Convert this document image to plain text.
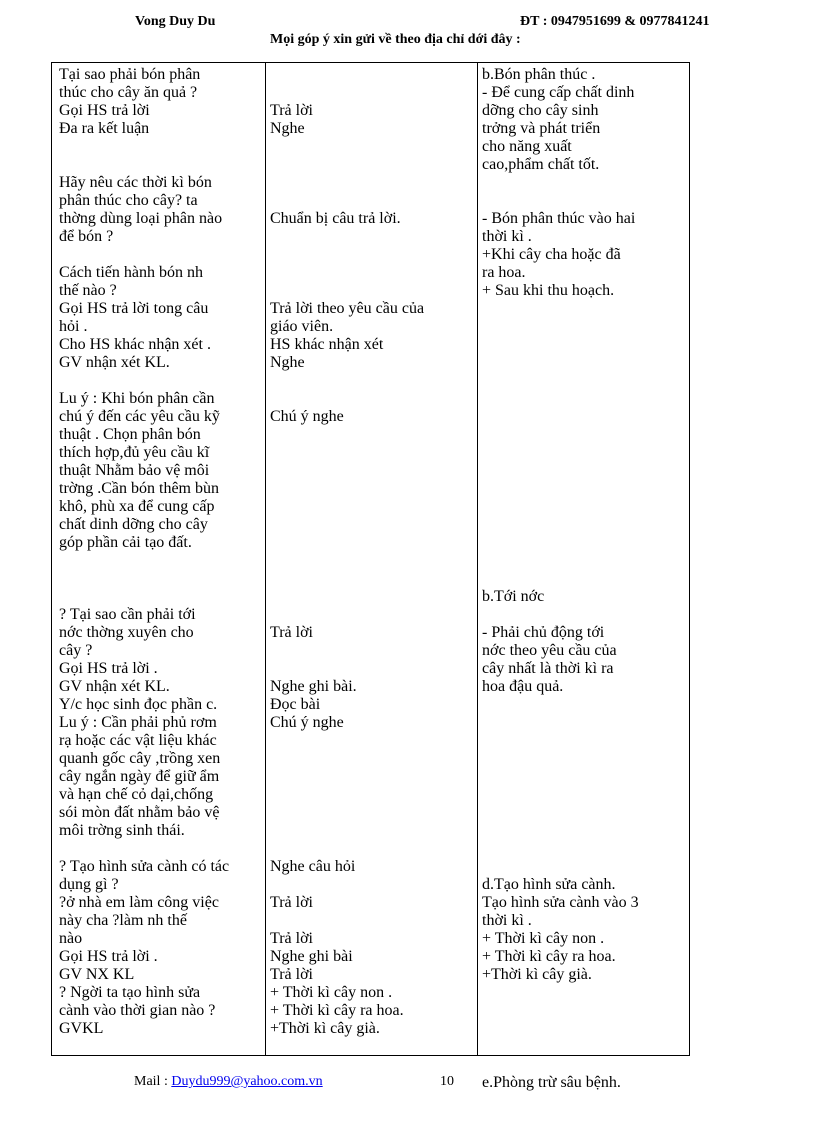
Vong Duy Du	ĐT : 0947951699 & 0977841241
Mọi góp ý xin gửi về theo địa chỉ dới đây :
Tại sao phải bón phân
thúc cho cây ăn quả ?
Gọi HS trả lời
Đa ra kết luận
Hãy nêu các thời kì bón
phân thúc cho cây? ta
thờng dùng loại phân nào
để bón ?
Cách tiến hành bón nh
thế nào ?
Gọi HS trả lời tong câu
hỏi .
Cho HS khác nhận xét .
GV nhận xét KL.
Lu ý : Khi bón phân cần
chú ý đến các yêu cầu kỹ
thuật . Chọn phân bón
thích hợp,đủ yêu cầu kĩ
thuật Nhằm bảo vệ môi
trờng .Cần bón thêm bùn
khô, phù xa để cung cấp
chất dinh dỡng cho cây
góp phần cải tạo đất.
? Tại sao cần phải tới
nớc thờng xuyên cho
cây ?
Gọi HS trả lời .
GV nhận xét KL.
Y/c học sinh đọc phần c.
Lu ý : Cần phải phủ rơm
rạ hoặc các vật liệu khác
quanh gốc cây ,trồng xen
cây ngắn ngày để giữ ẩm
và hạn chế cỏ dại,chống
sói mòn đất nhằm bảo vệ
môi trờng sinh thái.
? Tạo hình sửa cành có tác
dụng gì ?
?ở nhà em làm công việc
này cha ?làm nh thế
nào
Gọi HS trả lời .
GV NX KL
? Ngời ta tạo hình sửa
cành vào thời gian nào ?
GVKL
Trả lời
Nghe
Chuẩn bị câu trả lời.
Trả lời theo yêu cầu của
giáo viên.
HS khác nhận xét
Nghe
Chú ý nghe
Trả lời
Nghe ghi bài.
Đọc bài
Chú ý nghe
Nghe câu hỏi
Trả lời
Trả lời
Nghe ghi bài
Trả lời
+ Thời kì cây non .
+ Thời kì cây ra hoa.
+Thời kì cây già.
b.Bón phân thúc .
- Để cung cấp chất dinh
dỡng cho cây sinh
trởng và phát triển
cho năng xuất
cao,phẩm chất tốt.
- Bón phân thúc vào hai
thời kì .
+Khi cây cha hoặc đã
ra hoa.
+ Sau khi thu hoạch.
b.Tới nớc
- Phải chủ động tới
nớc theo yêu cầu của
cây nhất là thời kì ra
hoa đậu quả.
d.Tạo hình sửa cành.
Tạo hình sửa cành vào 3
thời kì .
+ Thời kì cây non .
+ Thời kì cây ra hoa.
+Thời kì cây già.
e.Phòng trừ sâu bệnh.
Mail : Duydu999@yahoo.com.vn	10
